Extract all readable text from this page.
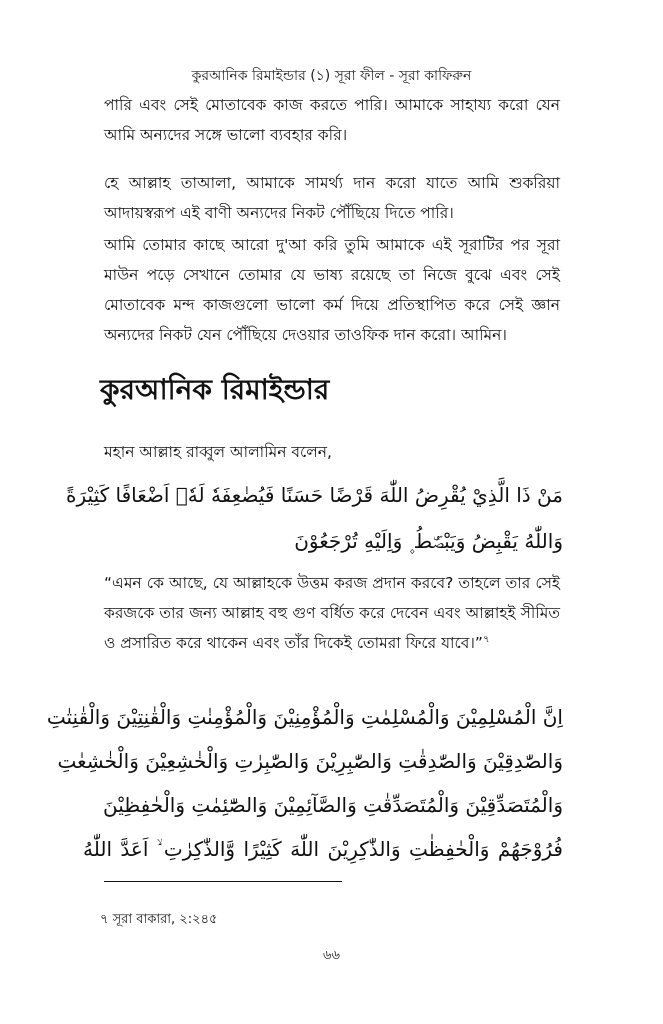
কুরআনিক রিমাইন্ডার (১) সূরা ফীল - সূরা কাফিরুন

পারি এবং সেই মোতাবেক কাজ করতে পারি। আমাকে সাহায্য করো যেন আমি অন্যদের সঙ্গে ভালো ব্যবহার করি।

হে আল্লাহ তাআলা, আমাকে সামর্থ্য দান করো যাতে আমি শুকরিয়া আদায়স্বরূপ এই বাণী অন্যদের নিকট পৌঁছিয়ে দিতে পারি।

আমি তোমার কাছে আরো দু'আ করি তুমি আমাকে এই সূরাটির পর সূরা মাউন পড়ে সেখানে তোমার যে ভাষ্য রয়েছে তা নিজে বুঝে এবং সেই মোতাবেক মন্দ কাজগুলো ভালো কর্ম দিয়ে প্রতিস্থাপিত করে সেই জ্ঞান অন্যদের নিকট যেন পৌঁছিয়ে দেওয়ার তাওফিক দান করো। আমিন।

কুরআনিক রিমাইন্ডার
মহান আল্লাহ রাব্বুল আলামিন বলেন,
مَنْ ذَا الَّذِيْ يُقْرِضُ اللّٰهَ قَرْضًا حَسَنًا فَيُضٰعِفَهٗ لَهٗۤ اَضْعَافًا كَثِيْرَةً
وَاللّٰهُ يَقْبِضُ وَيَبْصُۜطُ ۪ وَاِلَيْهِ تُرْجَعُوْنَ

“এমন কে আছে, যে আল্লাহকে উত্তম করজ প্রদান করবে? তাহলে তার সেই করজকে তার জন্য আল্লাহ বহু গুণ বর্ধিত করে দেবেন এবং আল্লাহই সীমিত ও প্রসারিত করে থাকেন এবং তাঁর দিকেই তোমরা ফিরে যাবে।”$^৭$

اِنَّ الْمُسْلِمِيْنَ وَالْمُسْلِمٰتِ وَالْمُؤْمِنِيْنَ وَالْمُؤْمِنٰتِ وَالْقٰنِتِيْنَ وَالْقٰنِتٰتِ
وَالصّٰدِقِيْنَ وَالصّٰدِقٰتِ وَالصّٰبِرِيْنَ وَالصّٰبِرٰتِ وَالْخٰشِعِيْنَ وَالْخٰشِعٰتِ
وَالْمُتَصَدِّقِيْنَ وَالْمُتَصَدِّقٰتِ وَالصَّآئِمِيْنَ وَالصّٰٓئِمٰتِ وَالْحٰفِظِيْنَ
فُرُوْجَهُمْ وَالْحٰفِظٰتِ وَالذّٰكِرِيْنَ اللّٰهَ كَثِيْرًا وَّالذّٰكِرٰتِ ۙ اَعَدَّ اللّٰهُ
৭ সূরা বাকারা, ২:২৪৫
৬৬
